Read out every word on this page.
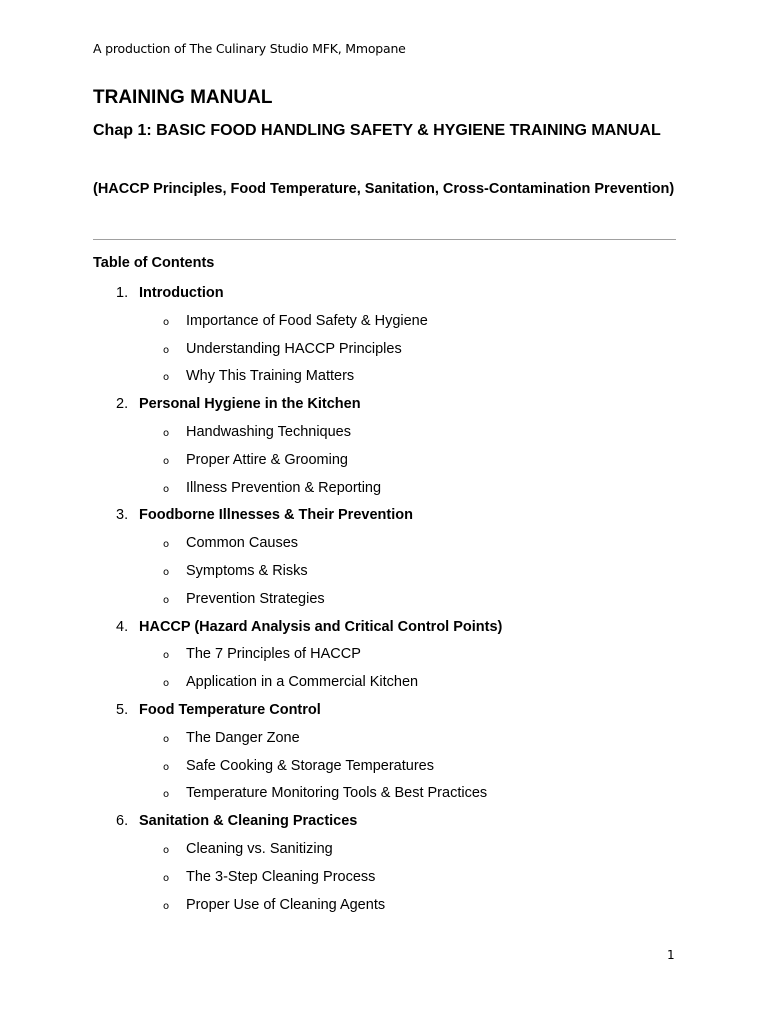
A production of The Culinary Studio MFK, Mmopane
TRAINING MANUAL
Chap 1: BASIC FOOD HANDLING SAFETY & HYGIENE TRAINING MANUAL
(HACCP Principles, Food Temperature, Sanitation, Cross-Contamination Prevention)
Table of Contents
1. Introduction
o Importance of Food Safety & Hygiene
o Understanding HACCP Principles
o Why This Training Matters
2. Personal Hygiene in the Kitchen
o Handwashing Techniques
o Proper Attire & Grooming
o Illness Prevention & Reporting
3. Foodborne Illnesses & Their Prevention
o Common Causes
o Symptoms & Risks
o Prevention Strategies
4. HACCP (Hazard Analysis and Critical Control Points)
o The 7 Principles of HACCP
o Application in a Commercial Kitchen
5. Food Temperature Control
o The Danger Zone
o Safe Cooking & Storage Temperatures
o Temperature Monitoring Tools & Best Practices
6. Sanitation & Cleaning Practices
o Cleaning vs. Sanitizing
o The 3-Step Cleaning Process
o Proper Use of Cleaning Agents
1
